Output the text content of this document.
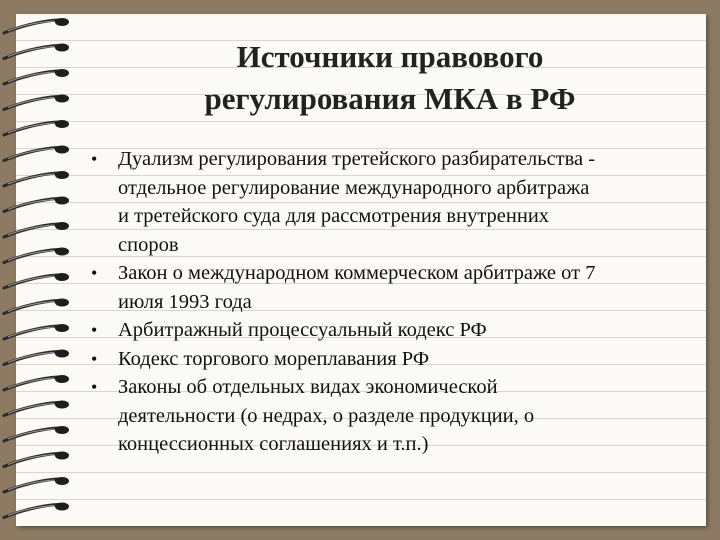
Источники правового
регулирования МКА в РФ
• Дуализм регулирования третейского разбирательства -
отдельное регулирование международного арбитража
и третейского суда для рассмотрения внутренних
споров
• Закон о международном коммерческом арбитраже от 7
июля 1993 года
• Арбитражный процессуальный кодекс РФ
• Кодекс торгового мореплавания РФ
• Законы об отдельных видах экономической
деятельности (о недрах, о разделе продукции, о
концессионных соглашениях и т.п.)
